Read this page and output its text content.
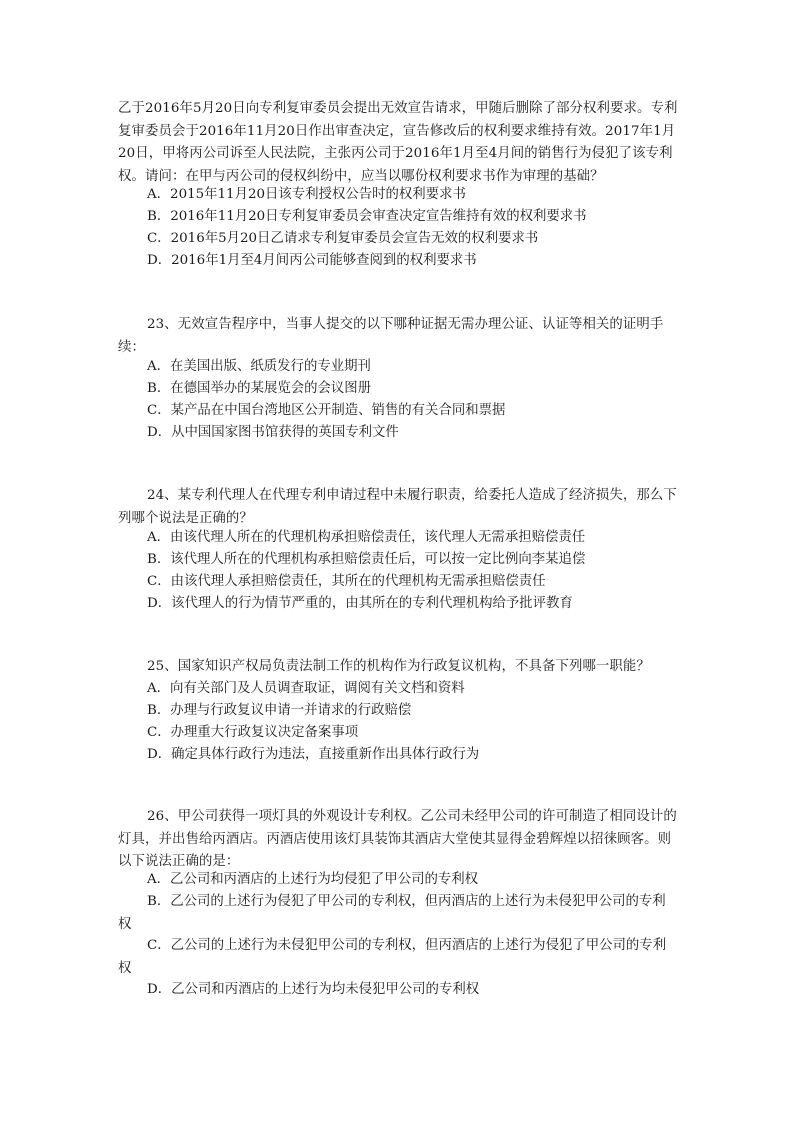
乙于2016年5月20日向专利复审委员会提出无效宣告请求，甲随后删除了部分权利要求。专利复审委员会于2016年11月20日作出审查决定，宣告修改后的权利要求维持有效。2017年1月20日，甲将丙公司诉至人民法院，主张丙公司于2016年1月至4月间的销售行为侵犯了该专利权。请问：在甲与丙公司的侵权纠纷中，应当以哪份权利要求书作为审理的基础？

A．2015年11月20日该专利授权公告时的权利要求书

B．2016年11月20日专利复审委员会审查决定宣告维持有效的权利要求书

C．2016年5月20日乙请求专利复审委员会宣告无效的权利要求书

D．2016年1月至4月间丙公司能够查阅到的权利要求书

23、无效宣告程序中，当事人提交的以下哪种证据无需办理公证、认证等相关的证明手续：

A．在美国出版、纸质发行的专业期刊

B．在德国举办的某展览会的会议图册

C．某产品在中国台湾地区公开制造、销售的有关合同和票据

D．从中国国家图书馆获得的英国专利文件

24、某专利代理人在代理专利申请过程中未履行职责，给委托人造成了经济损失，那么下列哪个说法是正确的？

A．由该代理人所在的代理机构承担赔偿责任，该代理人无需承担赔偿责任

B．该代理人所在的代理机构承担赔偿责任后，可以按一定比例向李某追偿

C．由该代理人承担赔偿责任，其所在的代理机构无需承担赔偿责任

D．该代理人的行为情节严重的，由其所在的专利代理机构给予批评教育

25、国家知识产权局负责法制工作的机构作为行政复议机构，不具备下列哪一职能？

A．向有关部门及人员调查取证，调阅有关文档和资料

B．办理与行政复议申请一并请求的行政赔偿

C．办理重大行政复议决定备案事项

D．确定具体行政行为违法，直接重新作出具体行政行为

26、甲公司获得一项灯具的外观设计专利权。乙公司未经甲公司的许可制造了相同设计的灯具，并出售给丙酒店。丙酒店使用该灯具装饰其酒店大堂使其显得金碧辉煌以招徕顾客。则以下说法正确的是：

A．乙公司和丙酒店的上述行为均侵犯了甲公司的专利权

B．乙公司的上述行为侵犯了甲公司的专利权，但丙酒店的上述行为未侵犯甲公司的专利权

C．乙公司的上述行为未侵犯甲公司的专利权，但丙酒店的上述行为侵犯了甲公司的专利权

D．乙公司和丙酒店的上述行为均未侵犯甲公司的专利权
